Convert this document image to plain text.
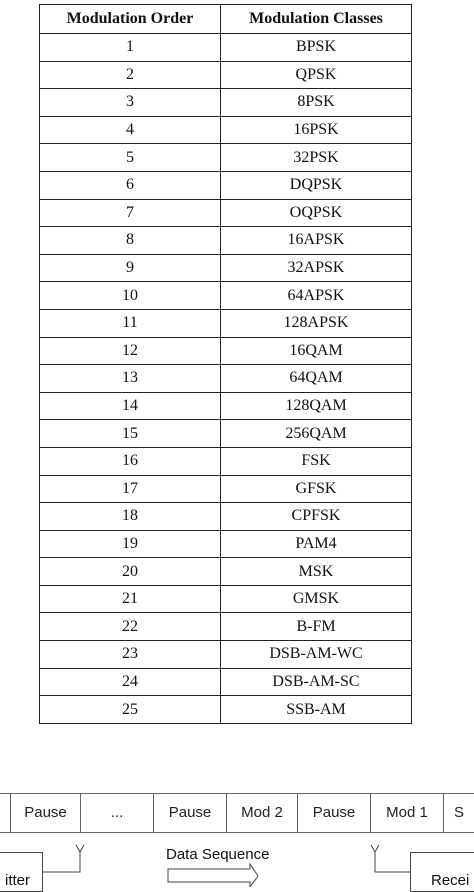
Modulation Order	Modulation Classes
1	BPSK
2	QPSK
3	8PSK
4	16PSK
5	32PSK
6	DQPSK
7	OQPSK
8	16APSK
9	32APSK
10	64APSK
11	128APSK
12	16QAM
13	64QAM
14	128QAM
15	256QAM
16	FSK
17	GFSK
18	CPFSK
19	PAM4
20	MSK
21	GMSK
22	B-FM
23	DSB-AM-WC
24	DSB-AM-SC
25	SSB-AM
Pause	...	Pause	Mod 2	Pause	Mod 1	S
itter	Recei
Data Sequence
